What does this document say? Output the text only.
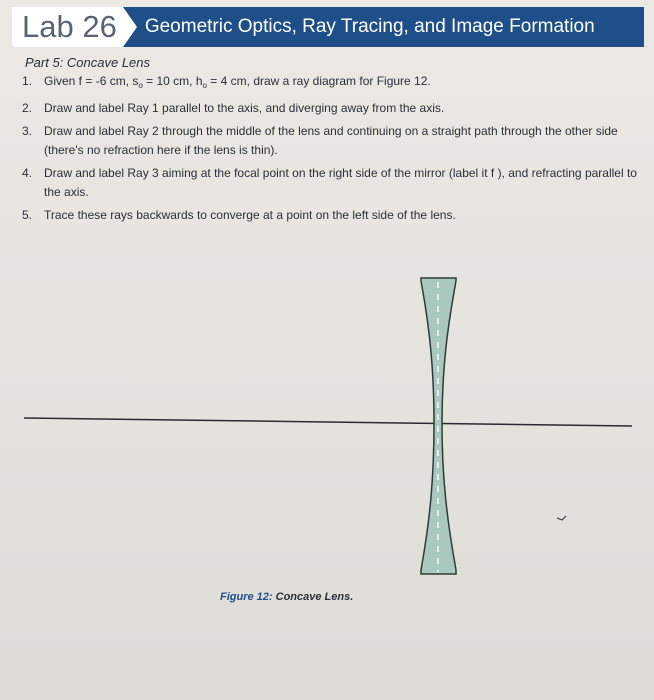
Lab 26	Geometric Optics, Ray Tracing, and Image Formation
Part 5: Concave Lens
1. Given f = -6 cm, $s_o = 10$ cm, $h_o = 4$ cm, draw a ray diagram for Figure 12.
2. Draw and label Ray 1 parallel to the axis, and diverging away from the axis.
3. Draw and label Ray 2 through the middle of the lens and continuing on a straight path through the other side (there's no refraction here if the lens is thin).
4. Draw and label Ray 3 aiming at the focal point on the right side of the mirror (label it f ), and refracting parallel to the axis.
5. Trace these rays backwards to converge at a point on the left side of the lens.
Figure 12: Concave Lens.
